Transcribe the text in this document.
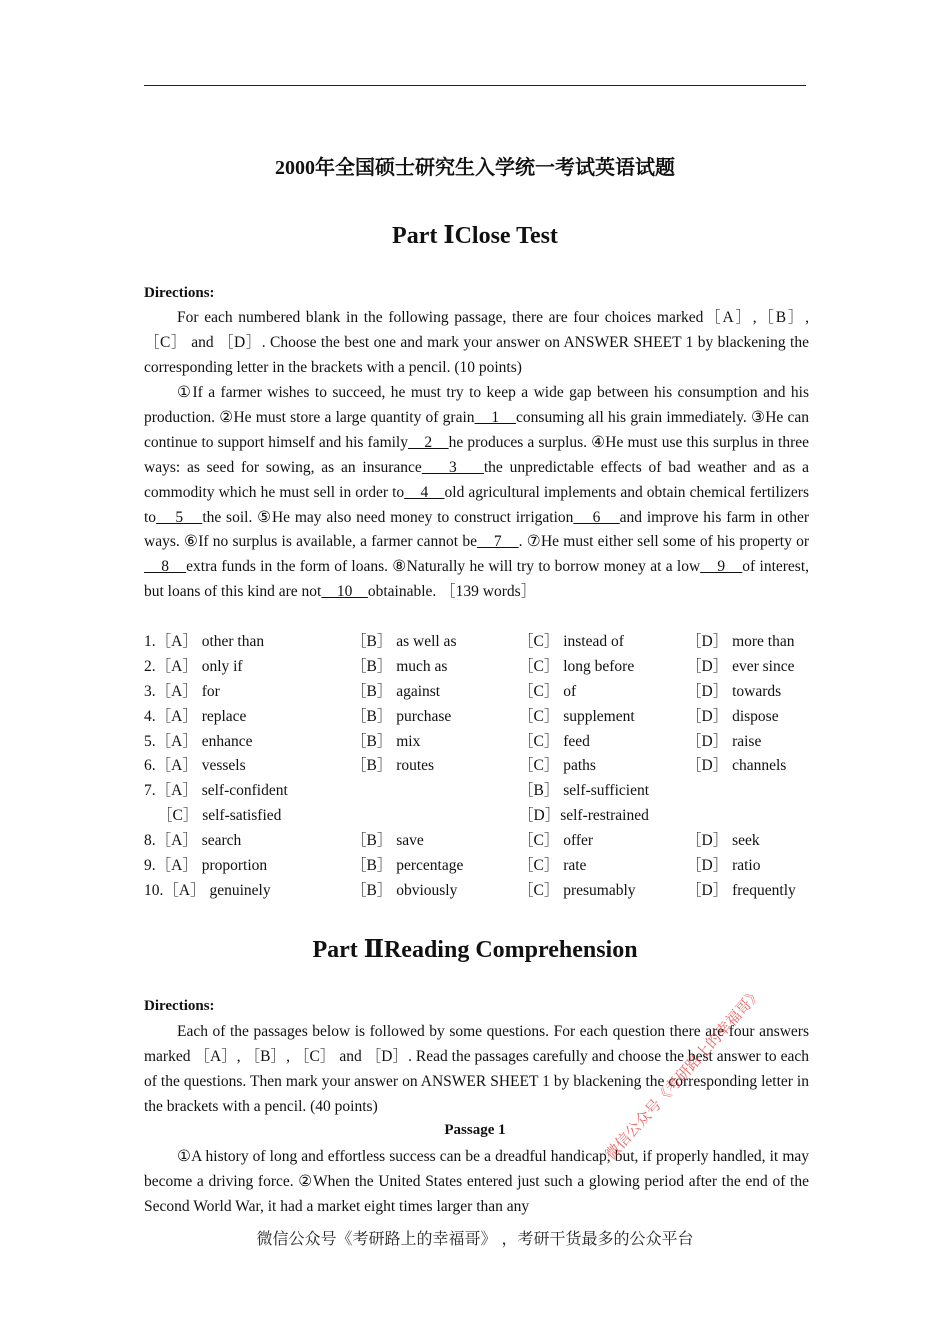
2000年全国硕士研究生入学统一考试英语试题
Part ⅠClose Test
Directions:
For each numbered blank in the following passage, there are four choices marked［A］,［B］,［C］ and ［D］. Choose the best one and mark your answer on ANSWER SHEET 1 by blackening the corresponding letter in the brackets with a pencil. (10 points)
①If a farmer wishes to succeed, he must try to keep a wide gap between his consumption and his production. ②He must store a large quantity of grain    1    consuming all his grain immediately. ③He can continue to support himself and his family    2    he produces a surplus. ④He must use this surplus in three ways: as seed for sowing, as an insurance    3    the unpredictable effects of bad weather and as a commodity which he must sell in order to    4    old agricultural implements and obtain chemical fertilizers to    5    the soil. ⑤He may also need money to construct irrigation    6    and improve his farm in other ways. ⑥If no surplus is available, a farmer cannot be    7    . ⑦He must either sell some of his property or    8    extra funds in the form of loans. ⑧Naturally he will try to borrow money at a low    9    of interest, but loans of this kind are not    10    obtainable. ［139 words］
1.［A］ other than	［B］ as well as	［C］ instead of	［D］ more than
2.［A］ only if	［B］ much as	［C］ long before	［D］ ever since
3.［A］ for	［B］ against	［C］ of	［D］ towards
4.［A］ replace	［B］ purchase	［C］ supplement	［D］ dispose
5.［A］ enhance	［B］ mix	［C］ feed	［D］ raise
6.［A］ vessels	［B］ routes	［C］ paths	［D］ channels
7.［A］ self-confident	［B］ self-sufficient
［C］ self-satisfied	［D］self-restrained
8.［A］ search	［B］ save	［C］ offer	［D］ seek
9.［A］ proportion	［B］ percentage	［C］ rate	［D］ ratio
10.［A］ genuinely	［B］ obviously	［C］ presumably	［D］ frequently
Part ⅡReading Comprehension
Directions:
Each of the passages below is followed by some questions. For each question there are four answers marked ［A］, ［B］, ［C］ and ［D］. Read the passages carefully and choose the best answer to each of the questions. Then mark your answer on ANSWER SHEET 1 by blackening the corresponding letter in the brackets with a pencil. (40 points)
Passage 1
①A history of long and effortless success can be a dreadful handicap, but, if properly handled, it may become a driving force. ②When the United States entered just such a glowing period after the end of the Second World War, it had a market eight times larger than any
微信公众号《考研路上的幸福哥》 ，考研干货最多的公众平台
微信公众号《考研路上的幸福哥》
